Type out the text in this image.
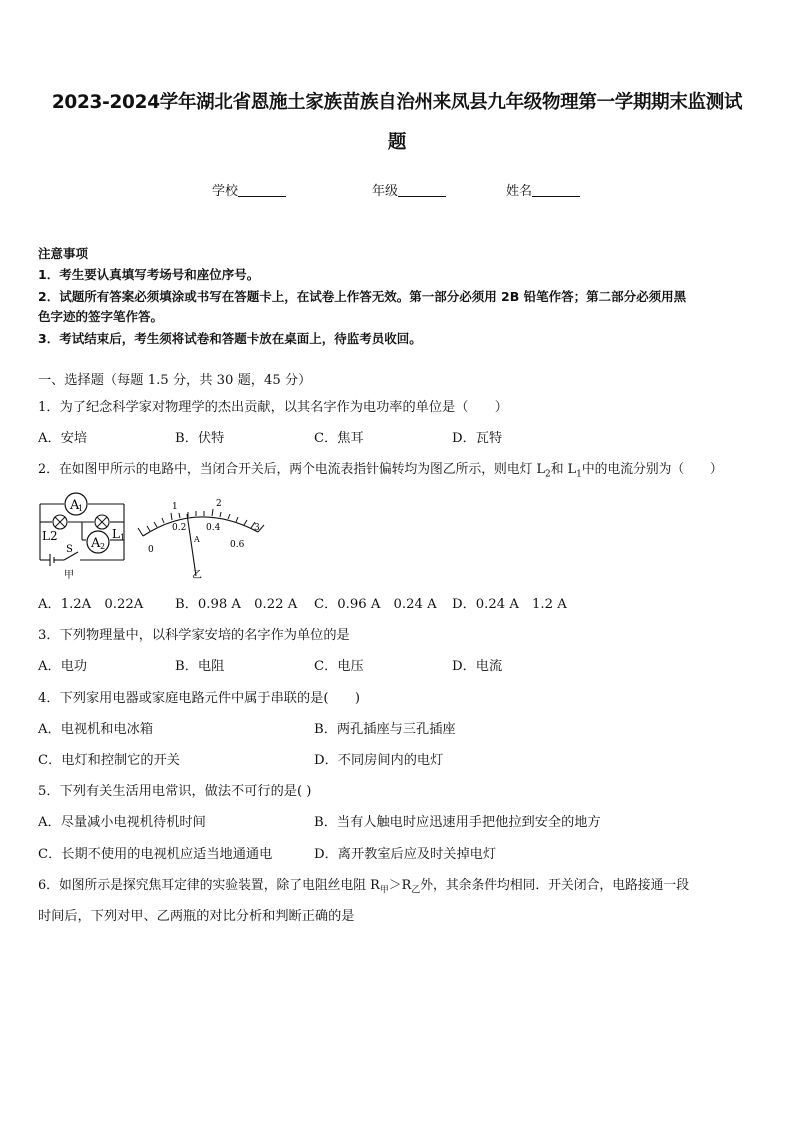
2023-2024学年湖北省恩施土家族苗族自治州来凤县九年级物理第一学期期末监测试
题
学校	年级	姓名
注意事项
1．考生要认真填写考场号和座位序号。
2．试题所有答案必须填涂或书写在答题卡上，在试卷上作答无效。第一部分必须用 2B 铅笔作答；第二部分必须用黑
色字迹的签字笔作答。
3．考试结束后，考生须将试卷和答题卡放在桌面上，待监考员收回。
一、选择题（每题 1.5 分，共 30 题，45 分）
1．为了纪念科学家对物理学的杰出贡献，以其名字作为电功率的单位是（　　）
A．安培	B．伏特	C．焦耳	D．瓦特
2．在如图甲所示的电路中，当闭合开关后，两个电流表指针偏转均为图乙所示，则电灯 $L_2$和 $L_1$中的电流分别为（　　）
A
1
A 2
L2	L1
S
甲
1	2
3
0
0.2 0.4
0.6
A
乙
A．1.2A　0.22A B．0.98 A　0.22 A C．0.96 A　0.24 A D．0.24 A　1.2 A
3．下列物理量中，以科学家安培的名字作为单位的是
A．电功	B．电阻	C．电压	D．电流
4．下列家用电器或家庭电路元件中属于串联的是(　　)
A．电视机和电冰箱	B．两孔插座与三孔插座
C．电灯和控制它的开关	D．不同房间内的电灯
5．下列有关生活用电常识，做法不可行的是( )
A．尽量减小电视机待机时间	B．当有人触电时应迅速用手把他拉到安全的地方
C．长期不使用的电视机应适当地通通电	D．离开教室后应及时关掉电灯
6．如图所示是探究焦耳定律的实验装置，除了电阻丝电阻 $R_甲>R_乙$外，其余条件均相同．开关闭合，电路接通一段
时间后，下列对甲、乙两瓶的对比分析和判断正确的是
